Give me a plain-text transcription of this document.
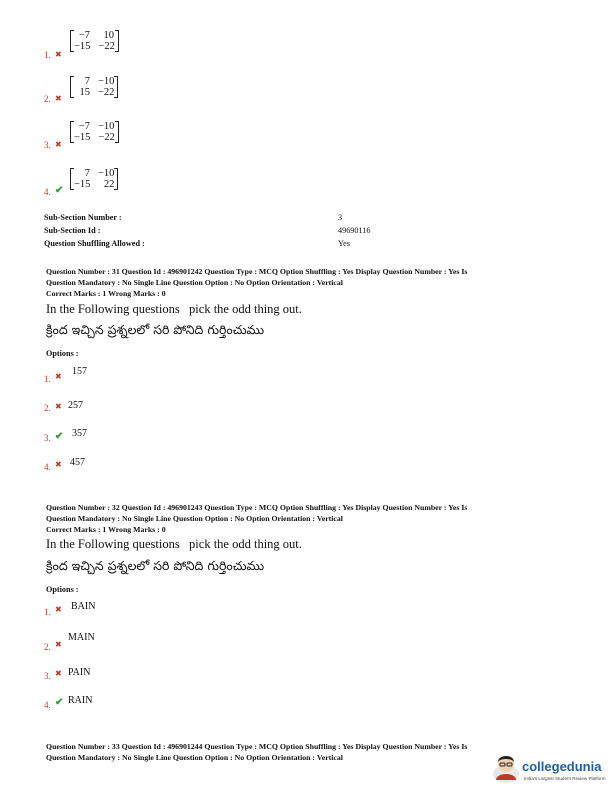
1. ✖
−7	10
−15 −22
2. ✖
7 −10
15 −22
3. ✖
−7 −10
−15 −22
4. ✔
7 −10
−15	22
Sub-Section Number :	3
Sub-Section Id :	49690116
Question Shuffling Allowed :	Yes
Question Number : 31 Question Id : 496901242 Question Type : MCQ Option Shuffling : Yes Display Question Number : Yes Is
Question Mandatory : No Single Line Question Option : No Option Orientation : Vertical
Correct Marks : 1 Wrong Marks : 0
In the Following questions   pick the odd thing out.
క్రింద ఇచ్చిన ప్రశ్నలలో సరి పోనిది గుర్తించుము
Options :
1. ✖ 157
2. ✖ 257
3. ✔ 357
4. ✖ 457
Question Number : 32 Question Id : 496901243 Question Type : MCQ Option Shuffling : Yes Display Question Number : Yes Is
Question Mandatory : No Single Line Question Option : No Option Orientation : Vertical
Correct Marks : 1 Wrong Marks : 0
In the Following questions   pick the odd thing out.
క్రింద ఇచ్చిన ప్రశ్నలలో సరి పోనిది గుర్తించుము
Options :
1. ✖ BAIN
2. ✖
MAIN
3. ✖ PAIN
4. ✔ RAIN
Question Number : 33 Question Id : 496901244 Question Type : MCQ Option Shuffling : Yes Display Question Number : Yes Is
Question Mandatory : No Single Line Question Option : No Option Orientation : Vertical
collegedunia
India's Largest Student Review Platform
